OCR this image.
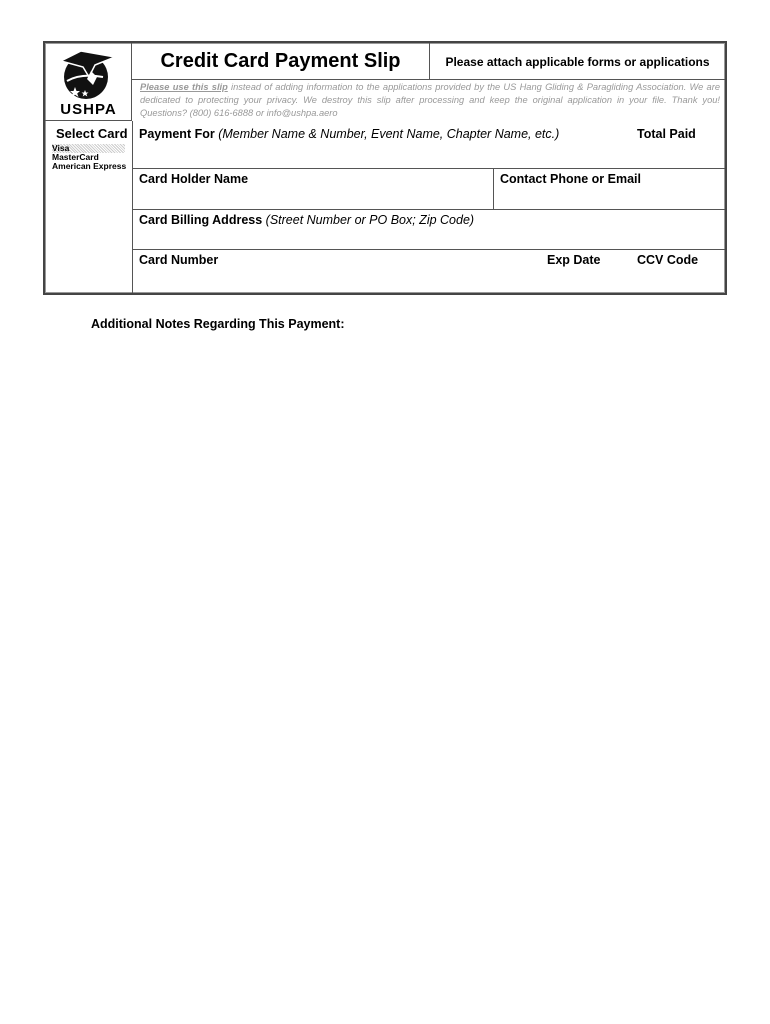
USHPA
Credit Card Payment Slip	Please attach applicable forms or applications
Please use this slip instead of adding information to the applications provided by the US Hang Gliding & Paragliding Association. We are dedicated to protecting your privacy. We destroy this slip after processing and keep the original application in your file. Thank you! Questions? (800) 616-6888 or info@ushpa.aero
Select Card
Visa
MasterCard
American Express
Payment For (Member Name & Number, Event Name, Chapter Name, etc.)	Total Paid
Card Holder Name	Contact Phone or Email
Card Billing Address (Street Number or PO Box; Zip Code)
Card Number	Exp Date	CCV Code
Additional Notes Regarding This Payment:
